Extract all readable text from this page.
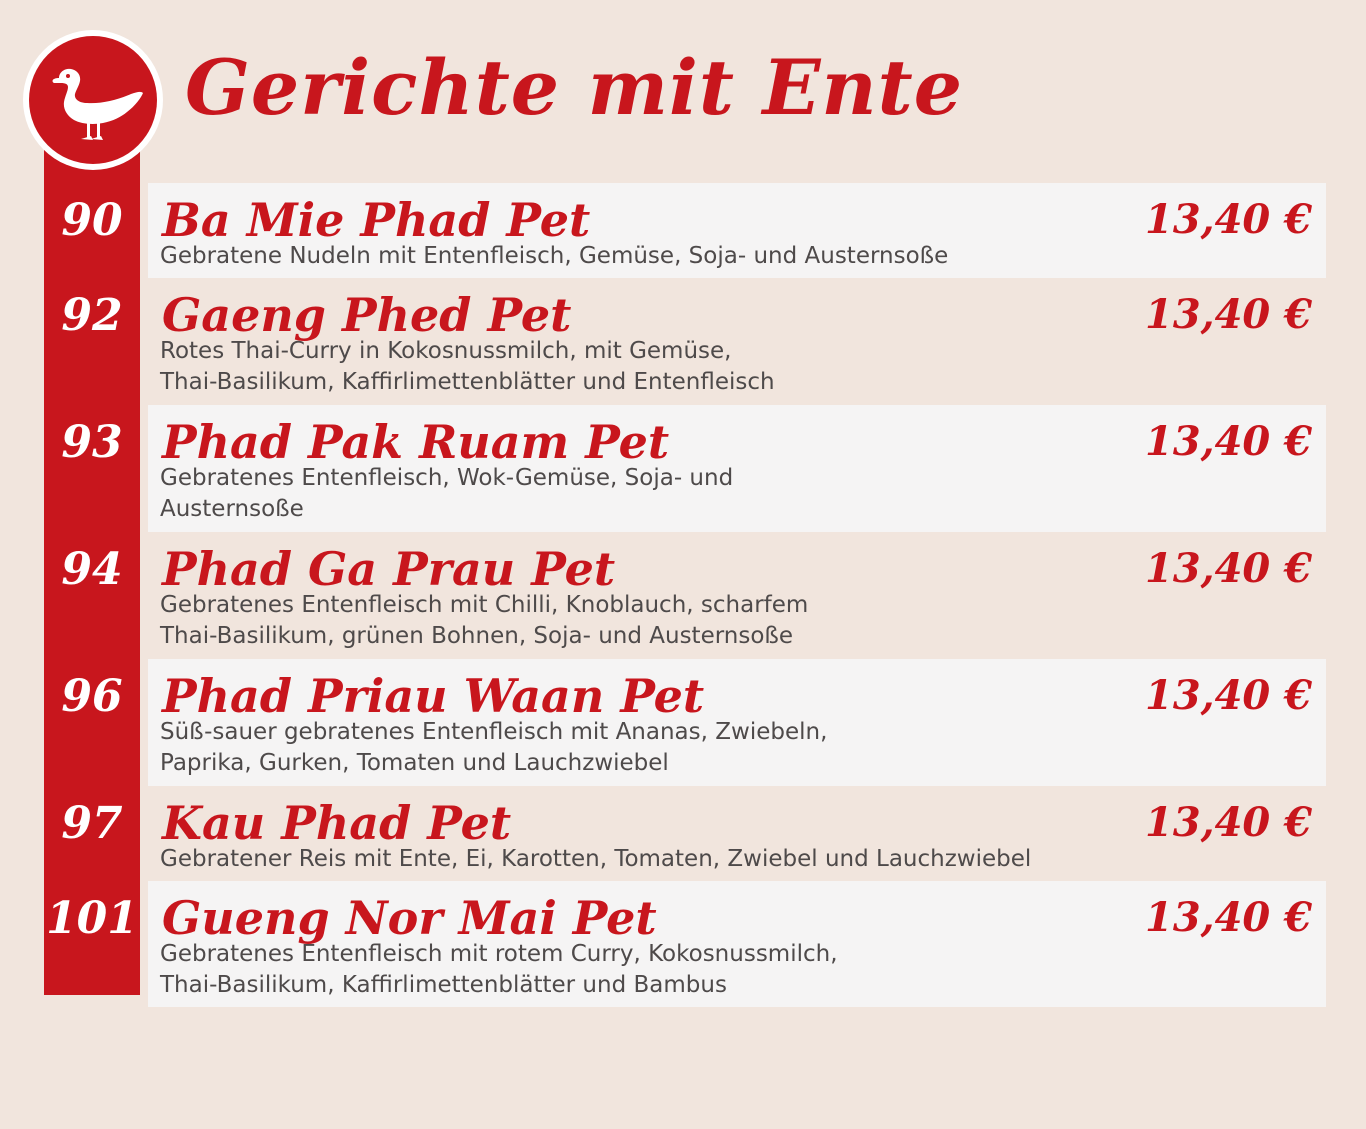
Gerichte mit Ente
90 Ba Mie Phad Pet	13,40 €
Gebratene Nudeln mit Entenfleisch, Gemüse, Soja- und Austernsoße
92 Gaeng Phed Pet	13,40 €
Rotes Thai-Curry in Kokosnussmilch, mit Gemüse,
Thai-Basilikum, Kaffirlimettenblätter und Entenfleisch
93 Phad Pak Ruam Pet	13,40 €
Gebratenes Entenfleisch, Wok-Gemüse, Soja- und
Austernsoße
94 Phad Ga Prau Pet	13,40 €
Gebratenes Entenfleisch mit Chilli, Knoblauch, scharfem
Thai-Basilikum, grünen Bohnen, Soja- und Austernsoße
96 Phad Priau Waan Pet	13,40 €
Süß-sauer gebratenes Entenfleisch mit Ananas, Zwiebeln,
Paprika, Gurken, Tomaten und Lauchzwiebel
97 Kau Phad Pet	13,40 €
Gebratener Reis mit Ente, Ei, Karotten, Tomaten, Zwiebel und Lauchzwiebel
101 Gueng Nor Mai Pet	13,40 €
Gebratenes Entenfleisch mit rotem Curry, Kokosnussmilch,
Thai-Basilikum, Kaffirlimettenblätter und Bambus
